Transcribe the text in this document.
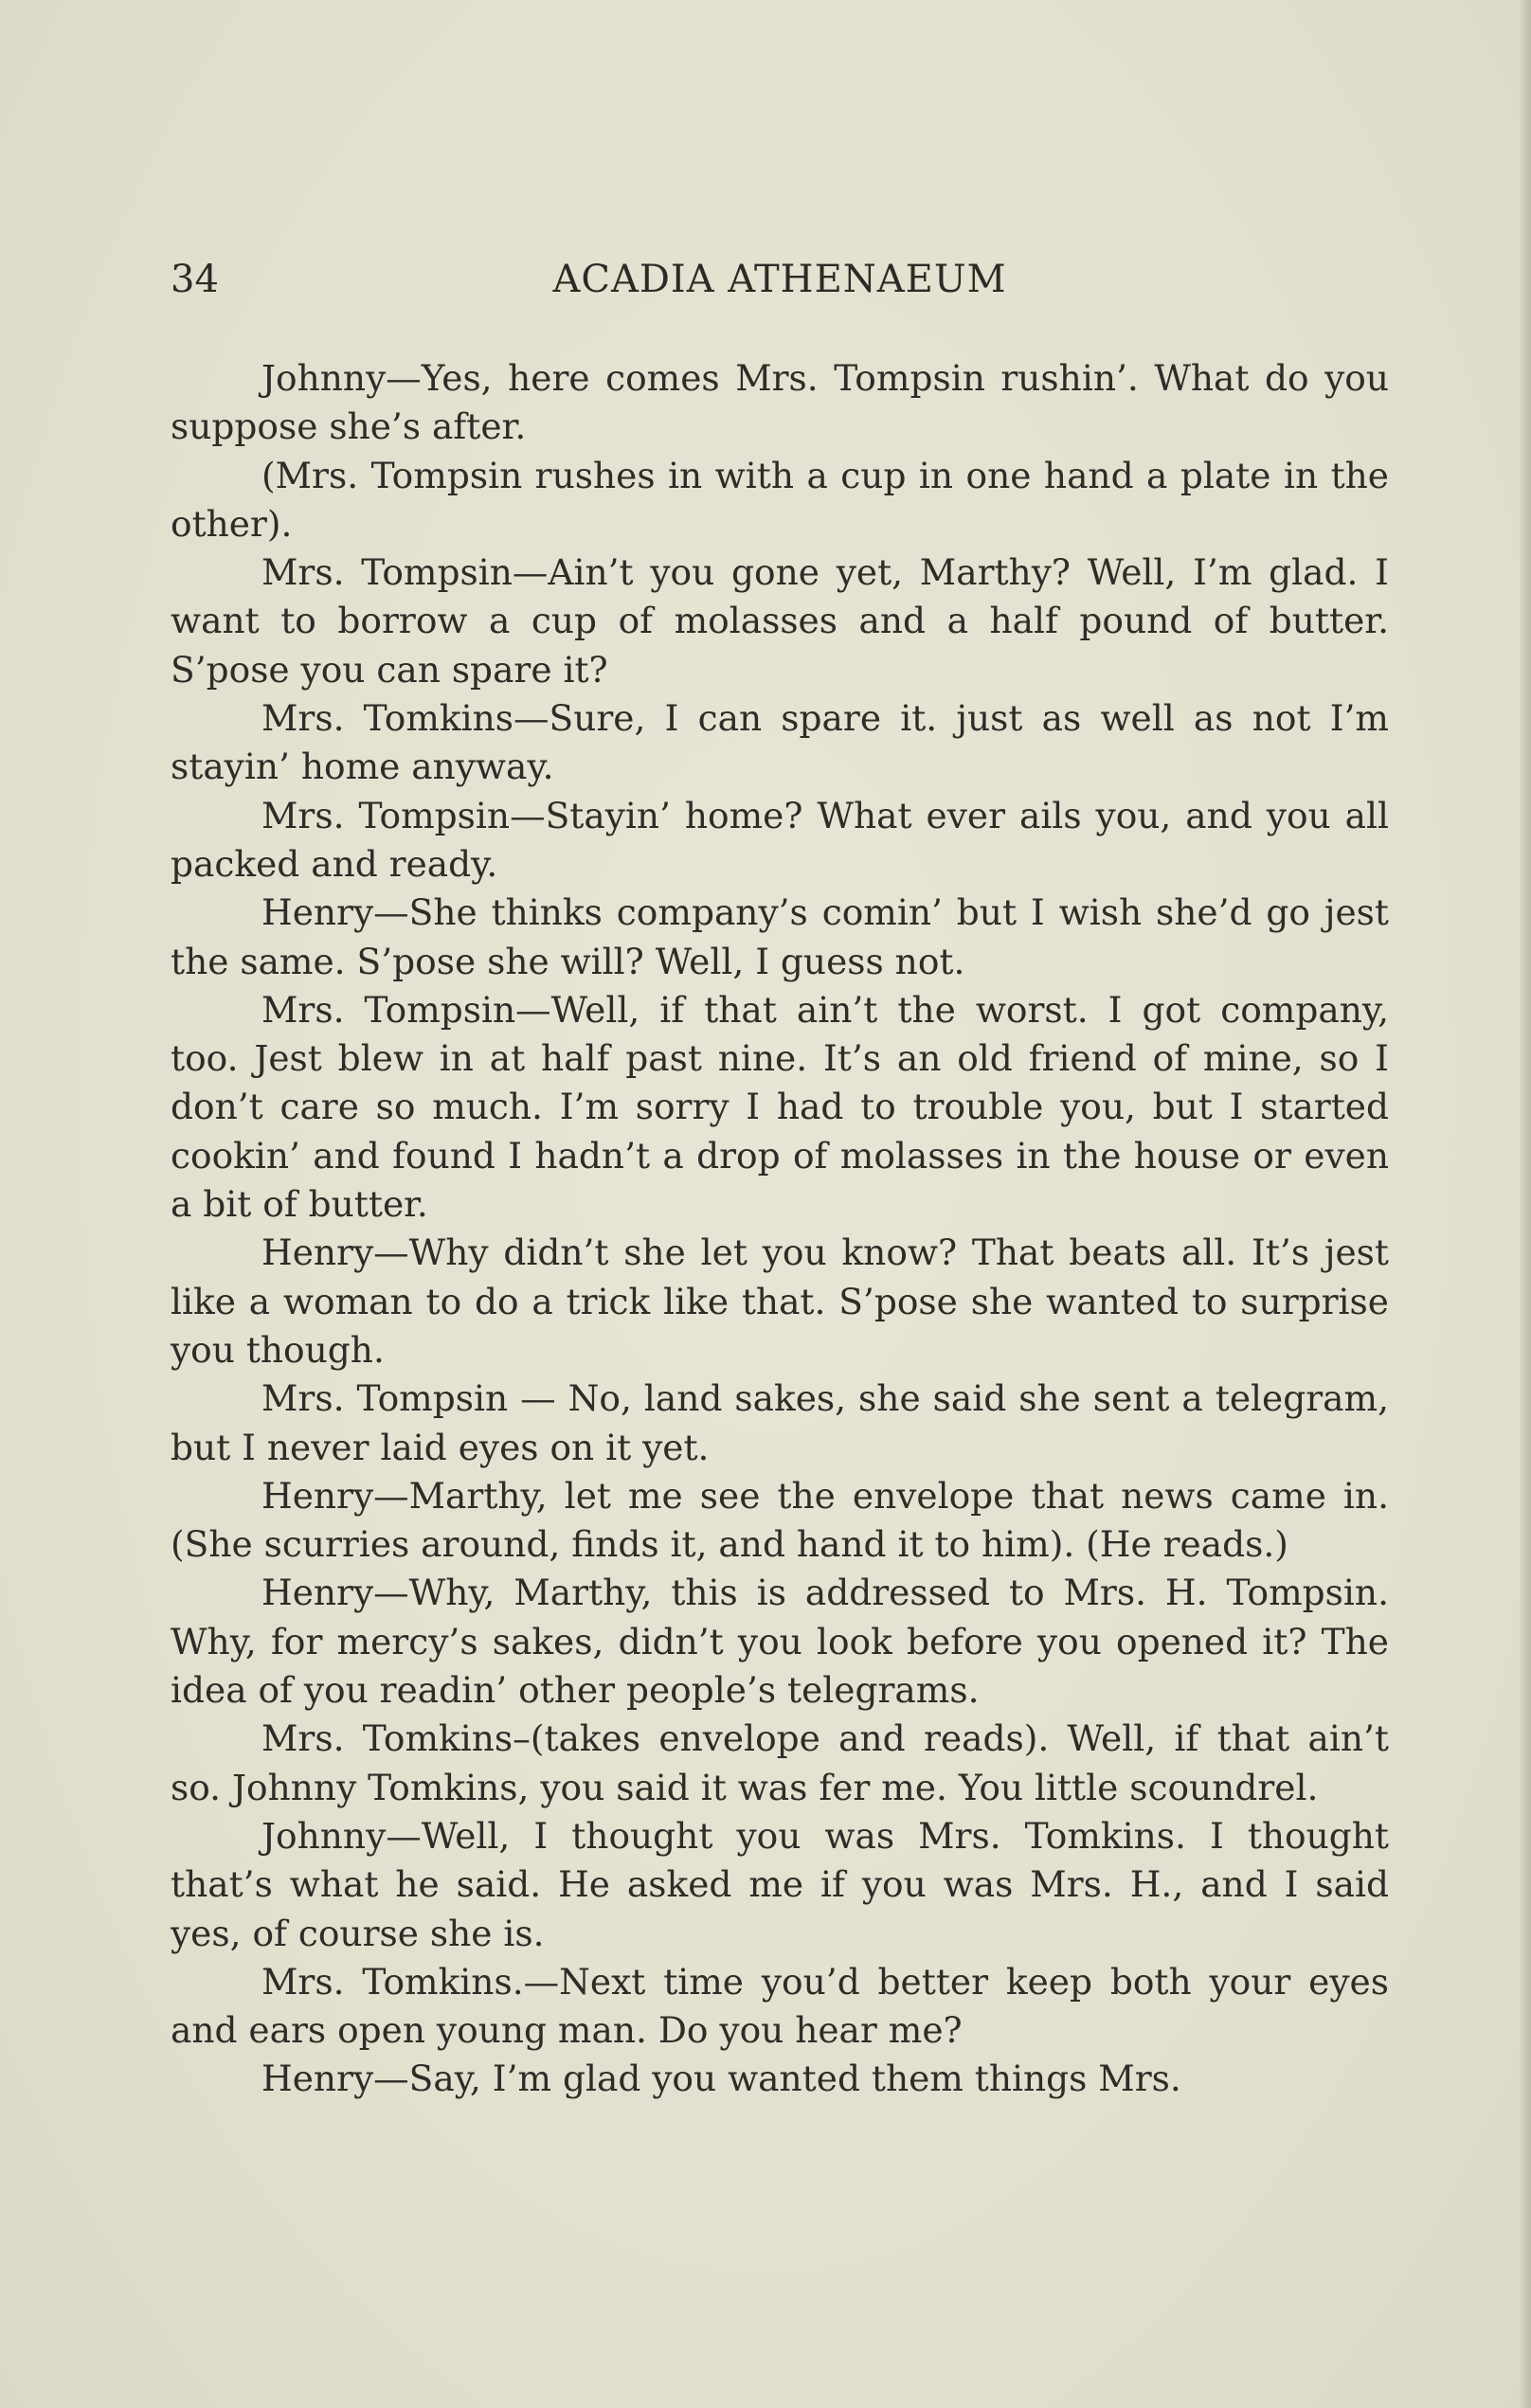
34	ACADIA ATHENAEUM

Johnny—Yes, here comes Mrs. Tompsin rushin’. What do you suppose she’s after.

(Mrs. Tompsin rushes in with a cup in one hand a plate in the other).

Mrs. Tompsin—Ain’t you gone yet, Marthy? Well, I’m glad. I want to borrow a cup of molasses and a half pound of butter. S’pose you can spare it?

Mrs. Tomkins—Sure, I can spare it. just as well as not I’m stayin’ home anyway.

Mrs. Tompsin—Stayin’ home? What ever ails you, and you all packed and ready.

Henry—She thinks company’s comin’ but I wish she’d go jest the same. S’pose she will? Well, I guess not.

Mrs. Tompsin—Well, if that ain’t the worst. I got company, too. Jest blew in at half past nine. It’s an old friend of mine, so I don’t care so much. I’m sorry I had to trouble you, but I started cookin’ and found I hadn’t a drop of molasses in the house or even a bit of butter.

Henry—Why didn’t she let you know? That beats all. It’s jest like a woman to do a trick like that. S’pose she wanted to surprise you though.

Mrs. Tompsin — No, land sakes, she said she sent a telegram, but I never laid eyes on it yet.

Henry—Marthy, let me see the envelope that news came in. (She scurries around, finds it, and hand it to him). (He reads.)

Henry—Why, Marthy, this is addressed to Mrs. H. Tompsin. Why, for mercy’s sakes, didn’t you look before you opened it? The idea of you readin’ other people’s telegrams.

Mrs. Tomkins–(takes envelope and reads). Well, if that ain’t so. Johnny Tomkins, you said it was fer me. You little scoundrel.

Johnny—Well, I thought you was Mrs. Tomkins. I thought that’s what he said. He asked me if you was Mrs. H., and I said yes, of course she is.

Mrs. Tomkins.—Next time you’d better keep both your eyes and ears open young man. Do you hear me?

Henry—Say, I’m glad you wanted them things Mrs.
